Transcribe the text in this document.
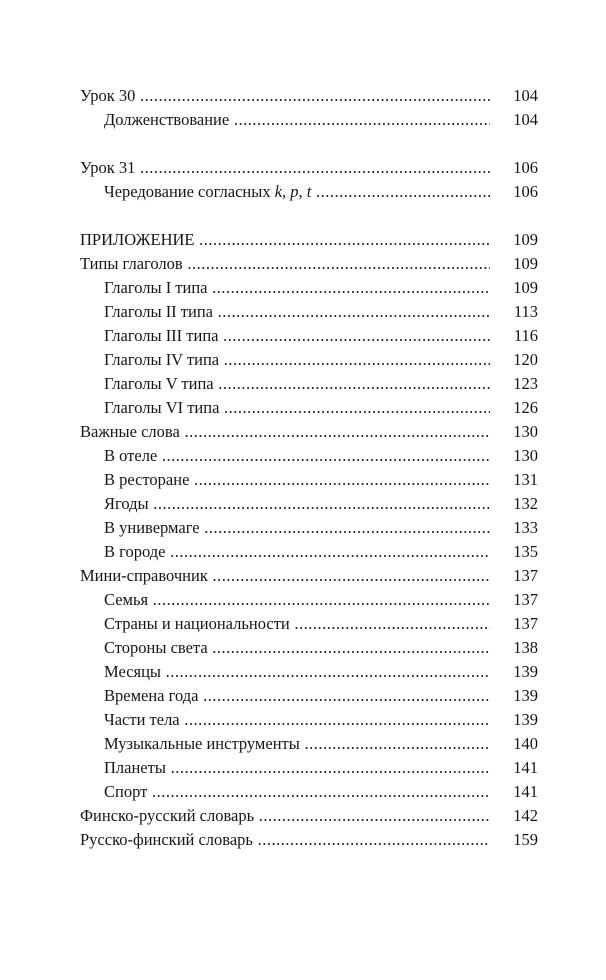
Урок 30 .....	104
Долженствование .....	104
Урок 31 .....	106
Чередование согласных k, p, t .....	106
ПРИЛОЖЕНИЕ .....	109
Типы глаголов .....	109
Глаголы I типа .....	109
Глаголы II типа .....	113
Глаголы III типа .....	116
Глаголы IV типа .....	120
Глаголы V типа .....	123
Глаголы VI типа .....	126
Важные слова .....	130
В отеле .....	130
В ресторане .....	131
Ягоды .....	132
В универмаге .....	133
В городе .....	135
Мини-справочник .....	137
Семья .....	137
Страны и национальности .....	137
Стороны света .....	138
Месяцы .....	139
Времена года .....	139
Части тела .....	139
Музыкальные инструменты .....	140
Планеты .....	141
Спорт .....	141
Финско-русский словарь .....	142
Русско-финский словарь .....	159
